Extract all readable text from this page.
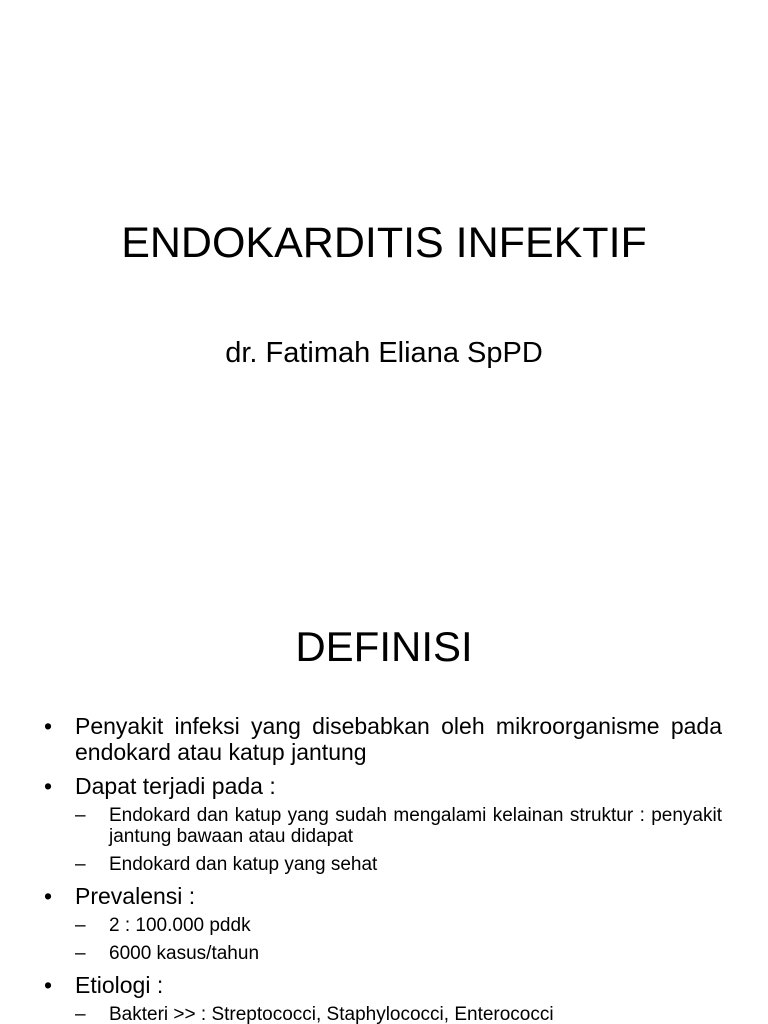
ENDOKARDITIS INFEKTIF
dr. Fatimah Eliana SpPD
DEFINISI
• Penyakit infeksi yang disebabkan oleh mikroorganisme pada endokard atau katup jantung
• Dapat terjadi pada :
– Endokard dan katup yang sudah mengalami kelainan struktur : penyakit jantung bawaan atau didapat
– Endokard dan katup yang sehat
• Prevalensi :
– 2 : 100.000 pddk
– 6000 kasus/tahun
• Etiologi :
– Bakteri >> : Streptococci, Staphylococci, Enterococci
